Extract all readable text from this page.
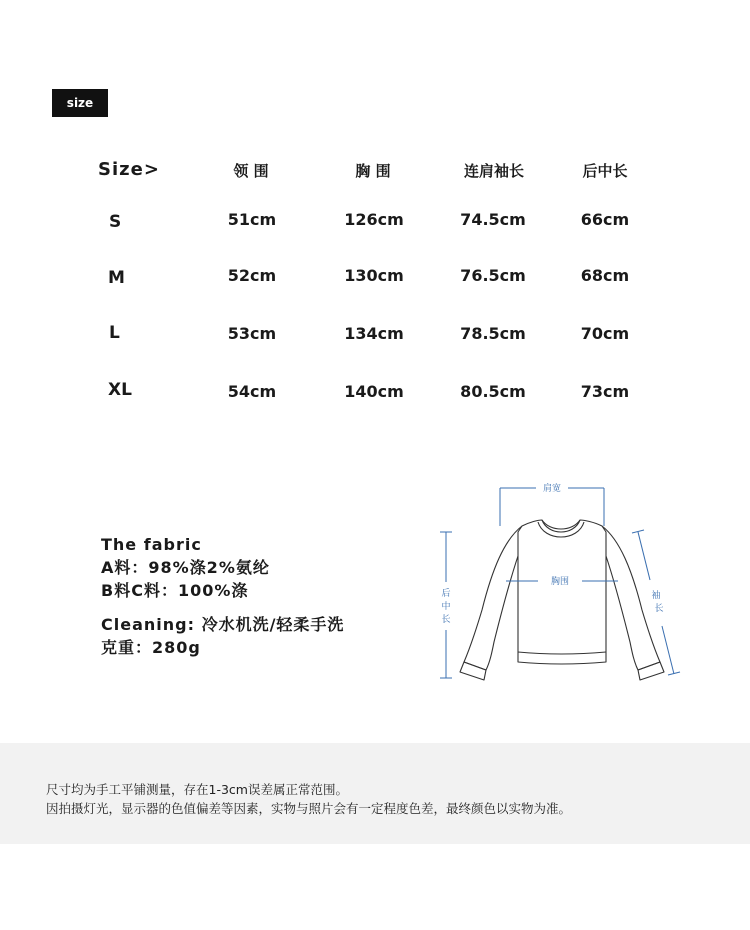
size
Size>	领 围	胸 围	连肩袖长	后中长
S	51cm	126cm	74.5cm	66cm
M	52cm	130cm	76.5cm	68cm
L	53cm	134cm	78.5cm	70cm
XL	54cm	140cm	80.5cm	73cm
The fabric
A料：98%涤2%氨纶
B料C料：100%涤
Cleaning: 冷水机洗/轻柔手洗
克重：280g
肩宽
胸围
后
中
长
袖
长
尺寸均为手工平铺测量，存在1-3cm误差属正常范围。
因拍摄灯光，显示器的色值偏差等因素，实物与照片会有一定程度色差，最终颜色以实物为准。
